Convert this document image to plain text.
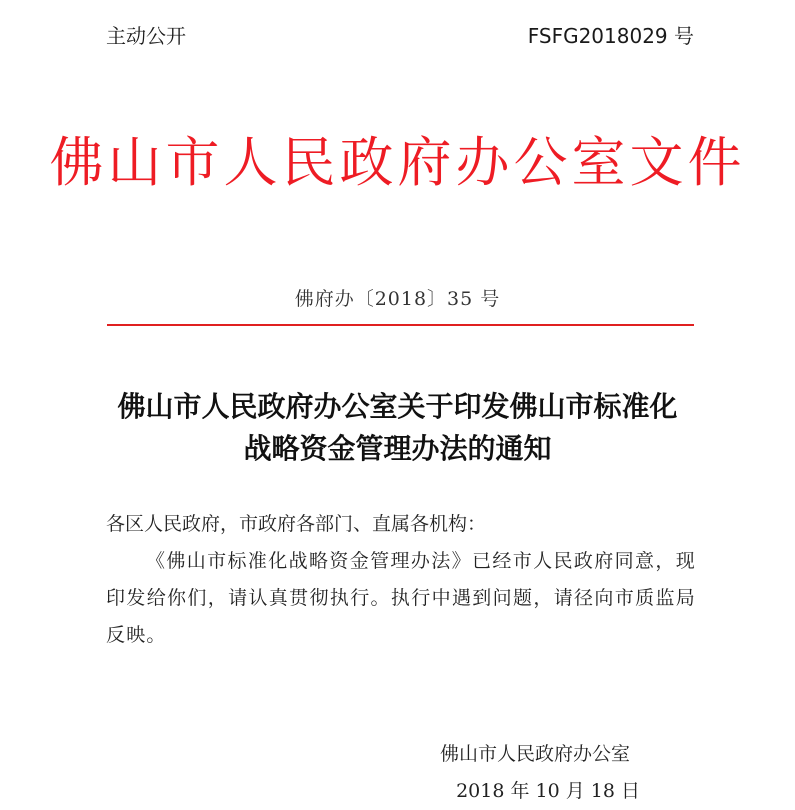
主动公开	FSFG2018029 号
佛山市人民政府办公室文件
佛府办〔2018〕35 号
佛山市人民政府办公室关于印发佛山市标准化
战略资金管理办法的通知
各区人民政府，市政府各部门、直属各机构：
《佛山市标准化战略资金管理办法》已经市人民政府同意，现印发给你们，请认真贯彻执行。执行中遇到问题，请径向市质监局反映。
佛山市人民政府办公室
2018 年 10 月 18 日
